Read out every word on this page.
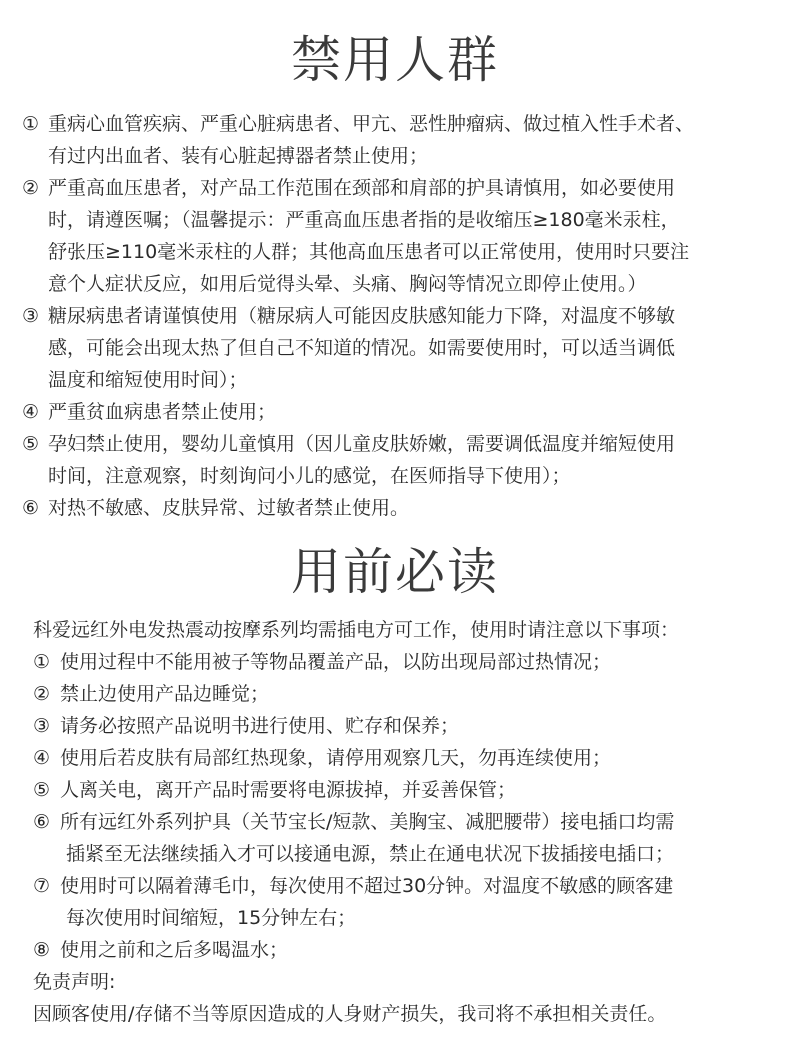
禁用人群
① 重病心血管疾病、严重心脏病患者、甲亢、恶性肿瘤病、做过植入性手术者、
有过内出血者、装有心脏起搏器者禁止使用；
② 严重高血压患者，对产品工作范围在颈部和肩部的护具请慎用，如必要使用
时，请遵医嘱；（温馨提示：严重高血压患者指的是收缩压≥180毫米汞柱，
舒张压≥110毫米汞柱的人群；其他高血压患者可以正常使用，使用时只要注
意个人症状反应，如用后觉得头晕、头痛、胸闷等情况立即停止使用。）
③ 糖尿病患者请谨慎使用（糖尿病人可能因皮肤感知能力下降，对温度不够敏
感，可能会出现太热了但自己不知道的情况。如需要使用时，可以适当调低
温度和缩短使用时间）；
④ 严重贫血病患者禁止使用；
⑤ 孕妇禁止使用，婴幼儿童慎用（因儿童皮肤娇嫩，需要调低温度并缩短使用
时间，注意观察，时刻询问小儿的感觉，在医师指导下使用）；
⑥ 对热不敏感、皮肤异常、过敏者禁止使用。
用前必读
科爱远红外电发热震动按摩系列均需插电方可工作，使用时请注意以下事项：
① 使用过程中不能用被子等物品覆盖产品，以防出现局部过热情况；
② 禁止边使用产品边睡觉；
③ 请务必按照产品说明书进行使用、贮存和保养；
④ 使用后若皮肤有局部红热现象，请停用观察几天，勿再连续使用；
⑤ 人离关电，离开产品时需要将电源拔掉，并妥善保管；
⑥ 所有远红外系列护具（关节宝长/短款、美胸宝、减肥腰带）接电插口均需
插紧至无法继续插入才可以接通电源，禁止在通电状况下拔插接电插口；
⑦ 使用时可以隔着薄毛巾，每次使用不超过30分钟。对温度不敏感的顾客建
每次使用时间缩短，15分钟左右；
⑧ 使用之前和之后多喝温水；
免责声明:
因顾客使用/存储不当等原因造成的人身财产损失，我司将不承担相关责任。
